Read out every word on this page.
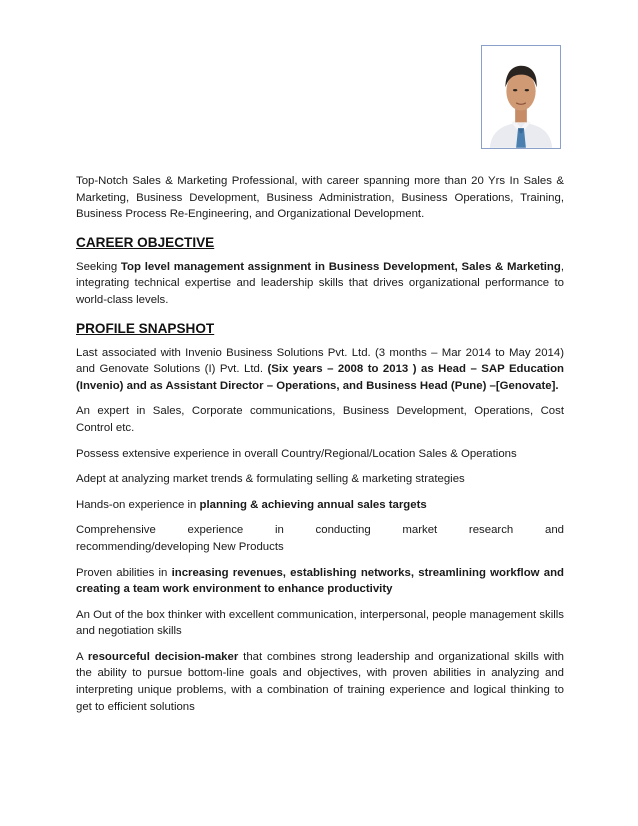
Top-Notch Sales & Marketing Professional, with career spanning more than 20 Yrs In Sales & Marketing, Business Development, Business Administration, Business Operations, Training, Business Process Re-Engineering, and Organizational Development.

CAREER OBJECTIVE

Seeking Top level management assignment in Business Development, Sales & Marketing, integrating technical expertise and leadership skills that drives organizational performance to world-class levels.

PROFILE SNAPSHOT

Last associated with Invenio Business Solutions Pvt. Ltd. (3 months – Mar 2014 to May 2014) and Genovate Solutions (I) Pvt. Ltd. (Six years – 2008 to 2013 ) as Head – SAP Education (Invenio) and as Assistant Director – Operations, and Business Head (Pune) –[Genovate].

An expert in Sales, Corporate communications, Business Development, Operations, Cost Control etc.

Possess extensive experience in overall Country/Regional/Location Sales & Operations

Adept at analyzing market trends & formulating selling & marketing strategies

Hands-on experience in planning & achieving annual sales targets

Comprehensive experience in conducting market research and

recommending/developing New Products

Proven abilities in increasing revenues, establishing networks, streamlining workflow and creating a team work environment to enhance productivity

An Out of the box thinker with excellent communication, interpersonal, people management skills and negotiation skills

A resourceful decision-maker that combines strong leadership and organizational skills with the ability to pursue bottom-line goals and objectives, with proven abilities in analyzing and interpreting unique problems, with a combination of training experience and logical thinking to get to efficient solutions
